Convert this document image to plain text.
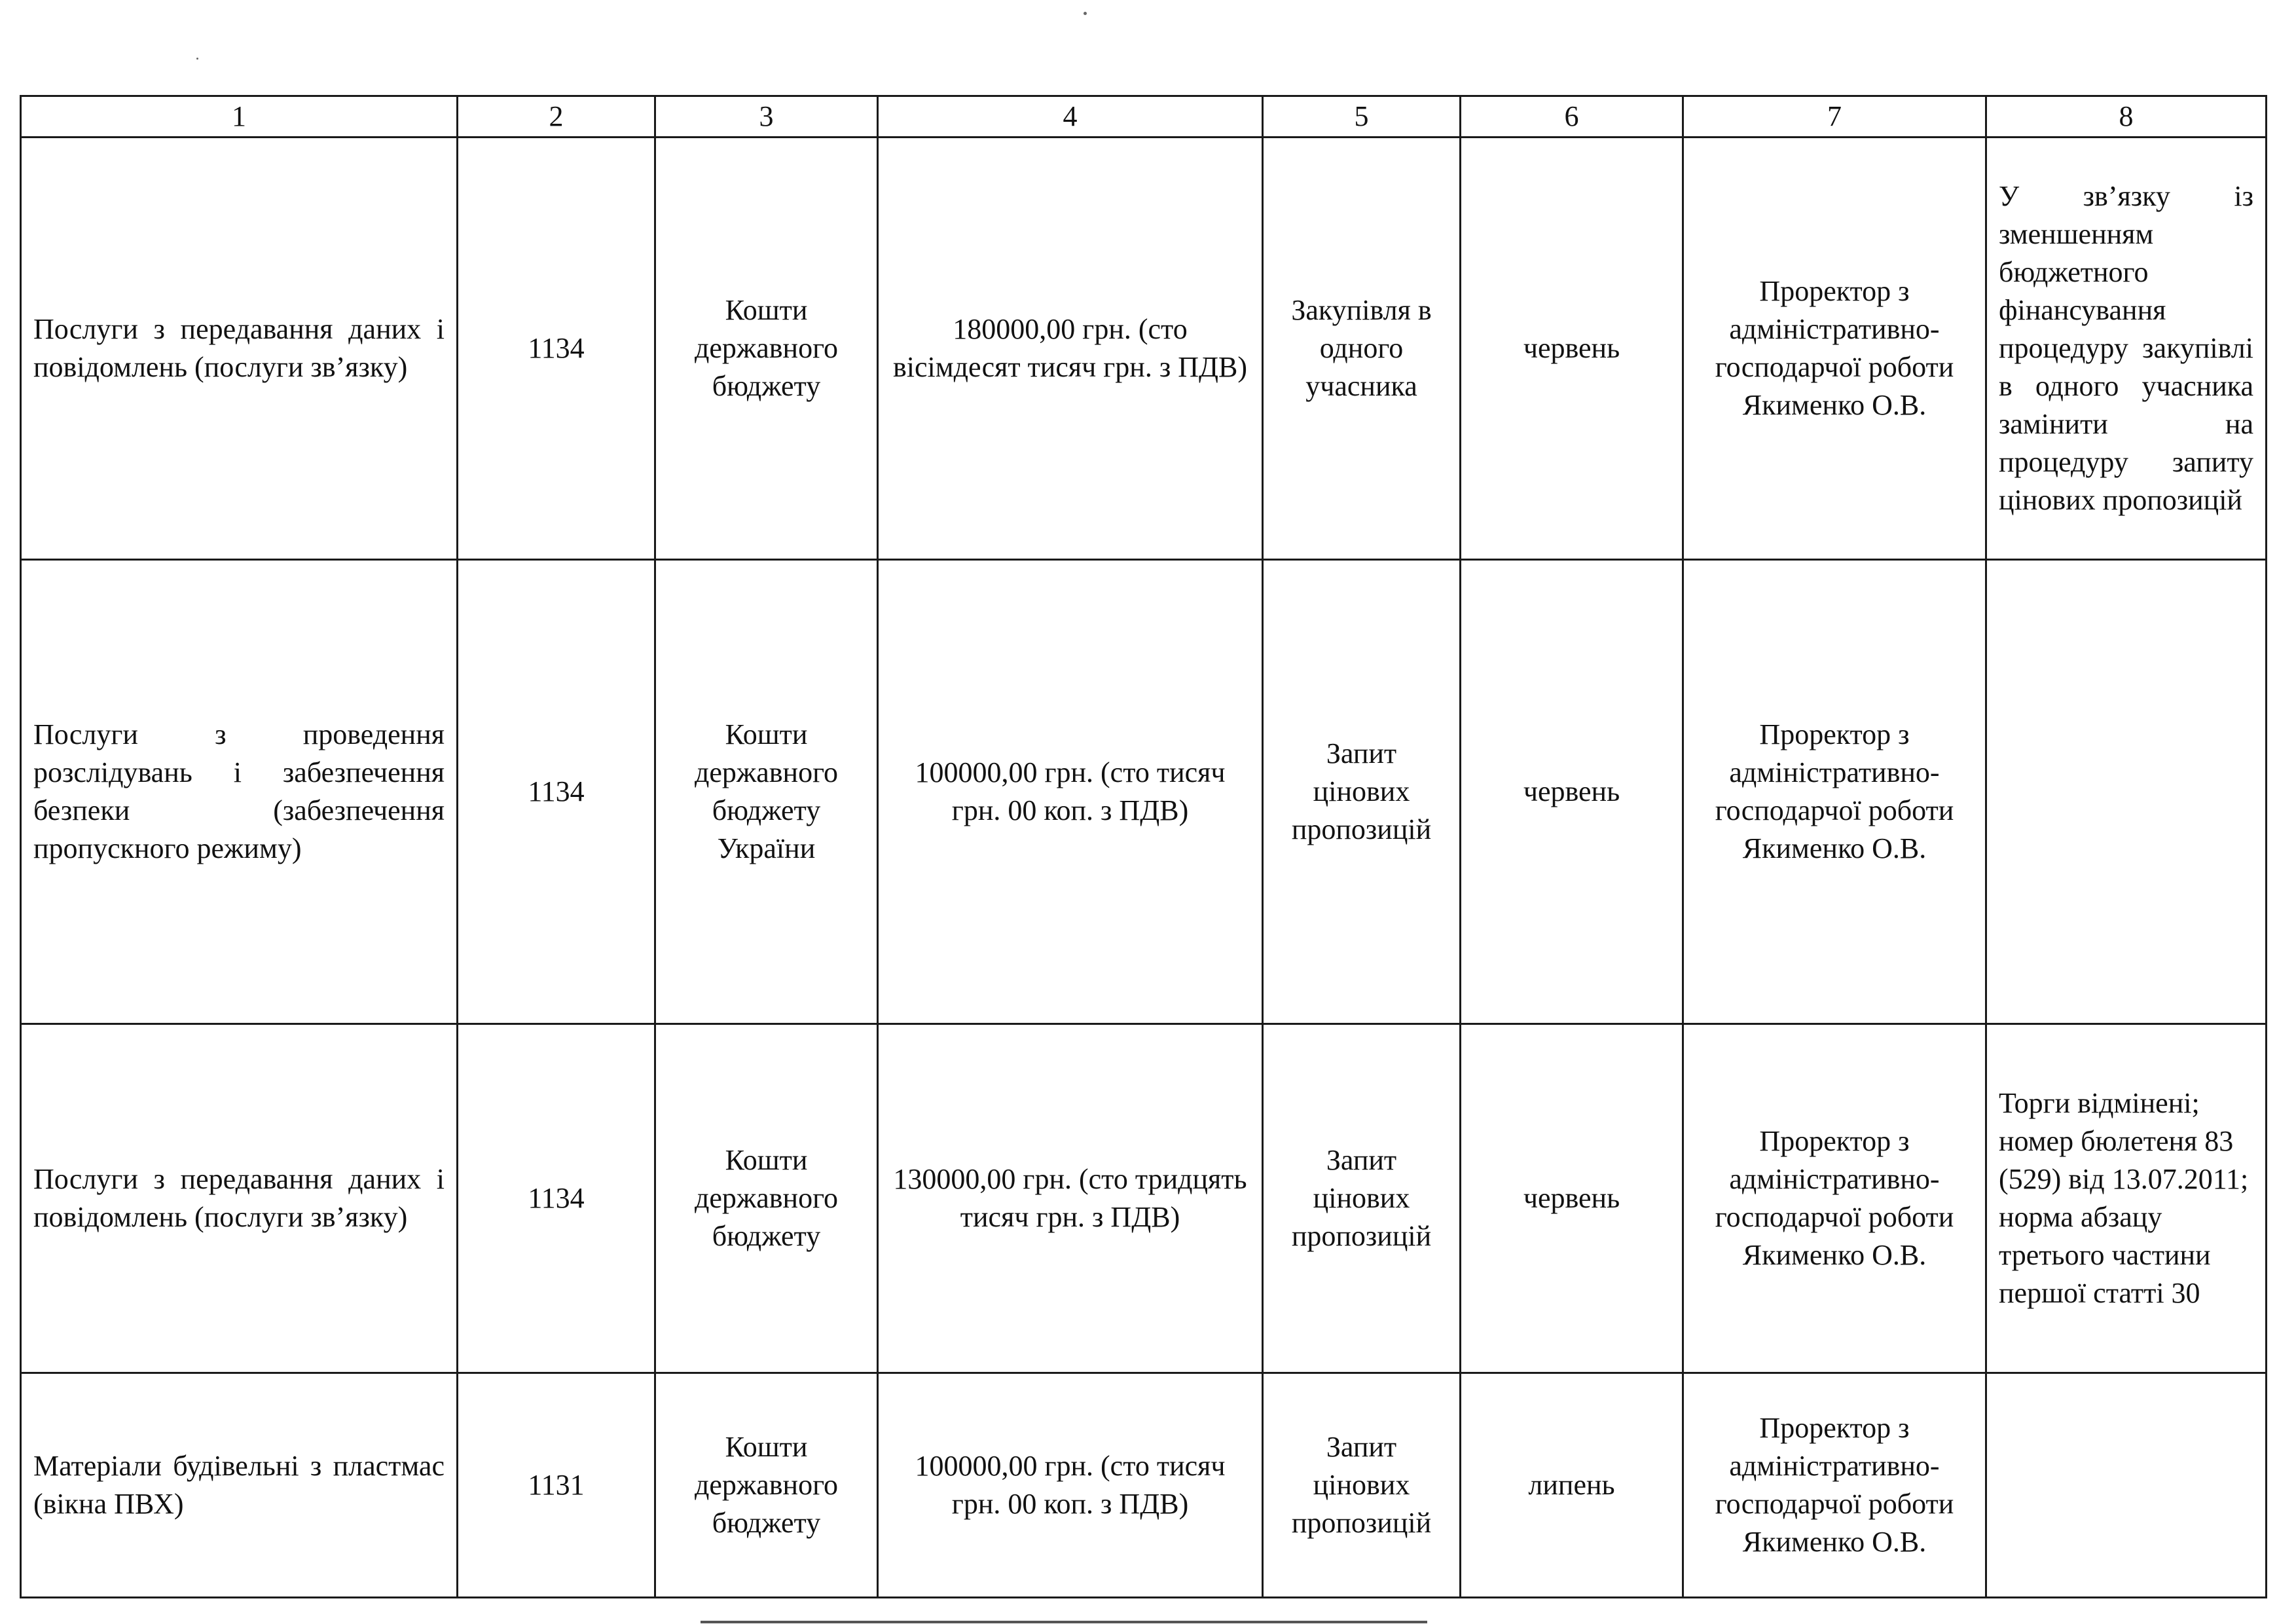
1	2	3	4	5	6	7	8
Послуги з передавання даних і повідомлень (послуги зв’язку)	1134	Кошти державного бюджету	180000,00 грн. (сто вісімдесят тисяч грн. з ПДВ)	Закупівля в одного учасника	червень	Проректор з адміністративно-господарчої роботи Якименко О.В.	У зв’язку із зменшенням бюджетного фінансування процедуру закупівлі в одного учасника замінити на процедуру запиту цінових пропозицій
Послуги з проведення розслідувань і забезпечення безпеки (забезпечення пропускного режиму)	1134	Кошти державного бюджету України	100000,00 грн. (сто тисяч грн. 00 коп. з ПДВ)	Запит цінових пропозицій	червень	Проректор з адміністративно-господарчої роботи Якименко О.В.	
Послуги з передавання даних і повідомлень (послуги зв’язку)	1134	Кошти державного бюджету	130000,00 грн. (сто тридцять тисяч грн. з ПДВ)	Запит цінових пропозицій	червень	Проректор з адміністративно-господарчої роботи Якименко О.В.	Торги відмінені; номер бюлетеня 83 (529) від 13.07.2011; норма абзацу третього частини першої статті 30
Матеріали будівельні з пластмас (вікна ПВХ)	1131	Кошти державного бюджету	100000,00 грн. (сто тисяч грн. 00 коп. з ПДВ)	Запит цінових пропозицій	липень	Проректор з адміністративно-господарчої роботи Якименко О.В.	
